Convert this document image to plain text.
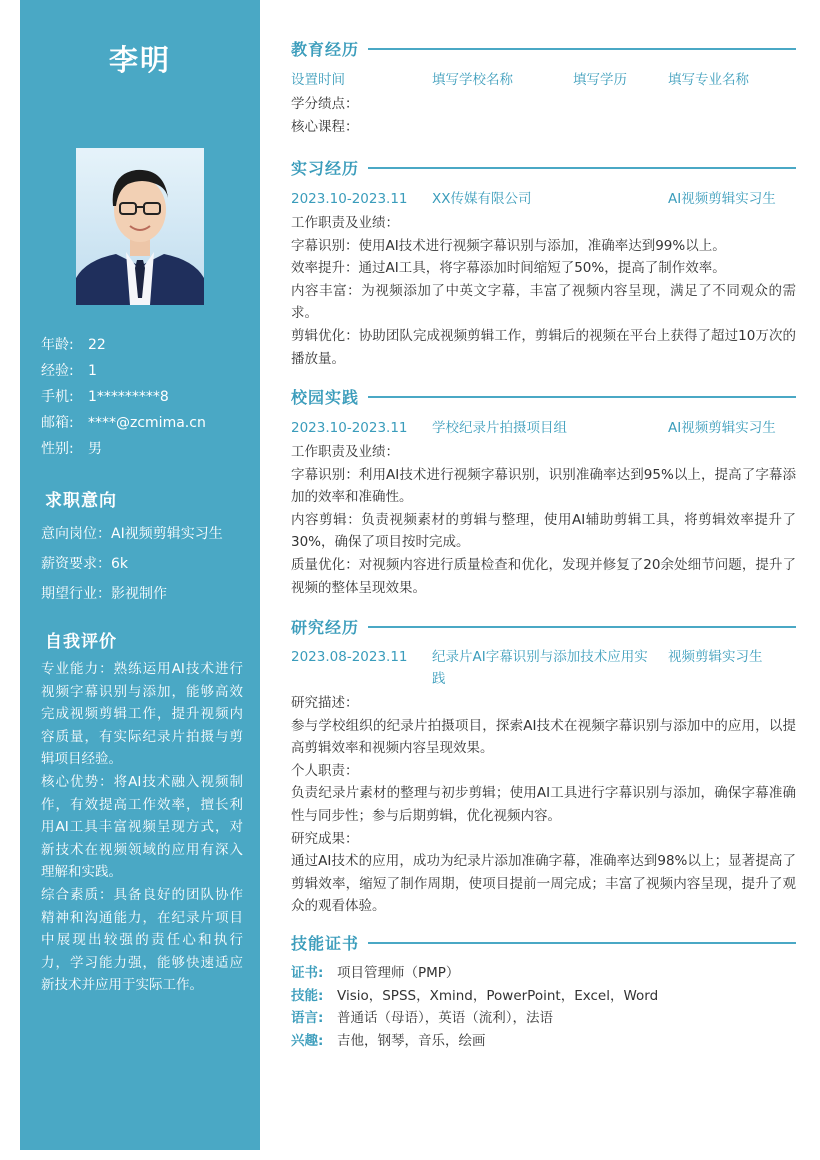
李明
年龄:	22
经验:	1
手机:	1*********8
邮箱:	****@zcmima.cn
性别:	男
求职意向
意向岗位：AI视频剪辑实习生
薪资要求：6k
期望行业：影视制作
自我评价

专业能力：熟练运用AI技术进行视频字幕识别与添加，能够高效完成视频剪辑工作，提升视频内容质量，有实际纪录片拍摄与剪辑项目经验。

核心优势：将AI技术融入视频制作，有效提高工作效率，擅长利用AI工具丰富视频呈现方式，对新技术在视频领域的应用有深入理解和实践。

综合素质：具备良好的团队协作精神和沟通能力，在纪录片项目中展现出较强的责任心和执行力，学习能力强，能够快速适应新技术并应用于实际工作。

教育经历
设置时间	填写学校名称	填写学历	填写专业名称

学分绩点：

核心课程：

实习经历
2023.10-2023.11 XX传媒有限公司	AI视频剪辑实习生

工作职责及业绩：

字幕识别：使用AI技术进行视频字幕识别与添加，准确率达到99%以上。

效率提升：通过AI工具，将字幕添加时间缩短了50%，提高了制作效率。

内容丰富：为视频添加了中英文字幕，丰富了视频内容呈现，满足了不同观众的需求。

剪辑优化：协助团队完成视频剪辑工作，剪辑后的视频在平台上获得了超过10万次的播放量。

校园实践
2023.10-2023.11 学校纪录片拍摄项目组	AI视频剪辑实习生

工作职责及业绩：

字幕识别：利用AI技术进行视频字幕识别，识别准确率达到95%以上，提高了字幕添加的效率和准确性。

内容剪辑：负责视频素材的剪辑与整理，使用AI辅助剪辑工具，将剪辑效率提升了30%，确保了项目按时完成。

质量优化：对视频内容进行质量检查和优化，发现并修复了20余处细节问题，提升了视频的整体呈现效果。

研究经历
2023.08-2023.11 纪录片AI字幕识别与添加技术应用实践
视频剪辑实习生

研究描述：

参与学校组织的纪录片拍摄项目，探索AI技术在视频字幕识别与添加中的应用，以提高剪辑效率和视频内容呈现效果。

个人职责：

负责纪录片素材的整理与初步剪辑；使用AI工具进行字幕识别与添加，确保字幕准确性与同步性；参与后期剪辑，优化视频内容。

研究成果：

通过AI技术的应用，成功为纪录片添加准确字幕，准确率达到98%以上；显著提高了剪辑效率，缩短了制作周期，使项目提前一周完成；丰富了视频内容呈现，提升了观众的观看体验。

技能证书
证书:	项目管理师（PMP）
技能:	Visio，SPSS，Xmind，PowerPoint，Excel，Word
语言:	普通话（母语），英语（流利），法语
兴趣:	吉他，钢琴，音乐，绘画
